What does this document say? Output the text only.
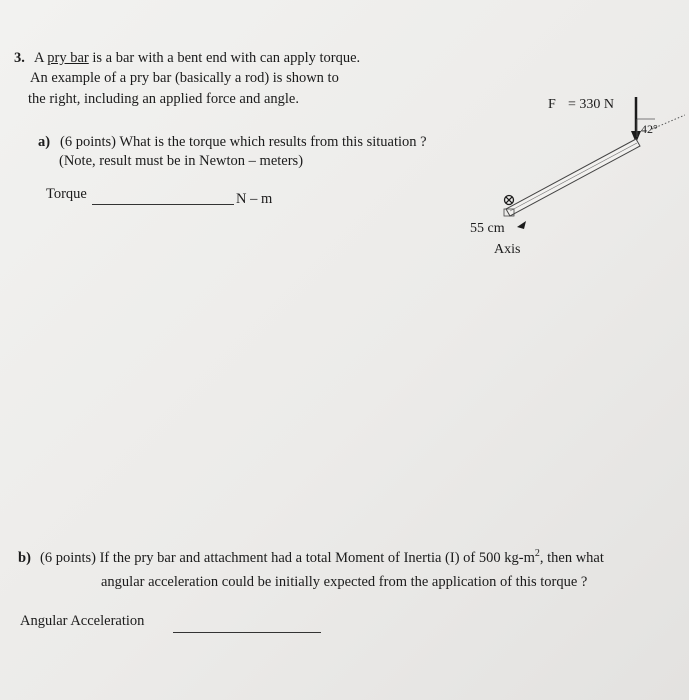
3. A pry bar is a bar with a bent end with can apply torque.
An example of a pry bar (basically a rod) is shown to
the right, including an applied force and angle.
a) (6 points) What is the torque which results from this situation ?
(Note, result must be in Newton – meters)
Torque	N – m
F = 330 N
42°
55 cm
Axis
b) (6 points) If the pry bar and attachment had a total Moment of Inertia (I) of 500 $kg-m^2$, then what
angular acceleration could be initially expected from the application of this torque ?
Angular Acceleration
